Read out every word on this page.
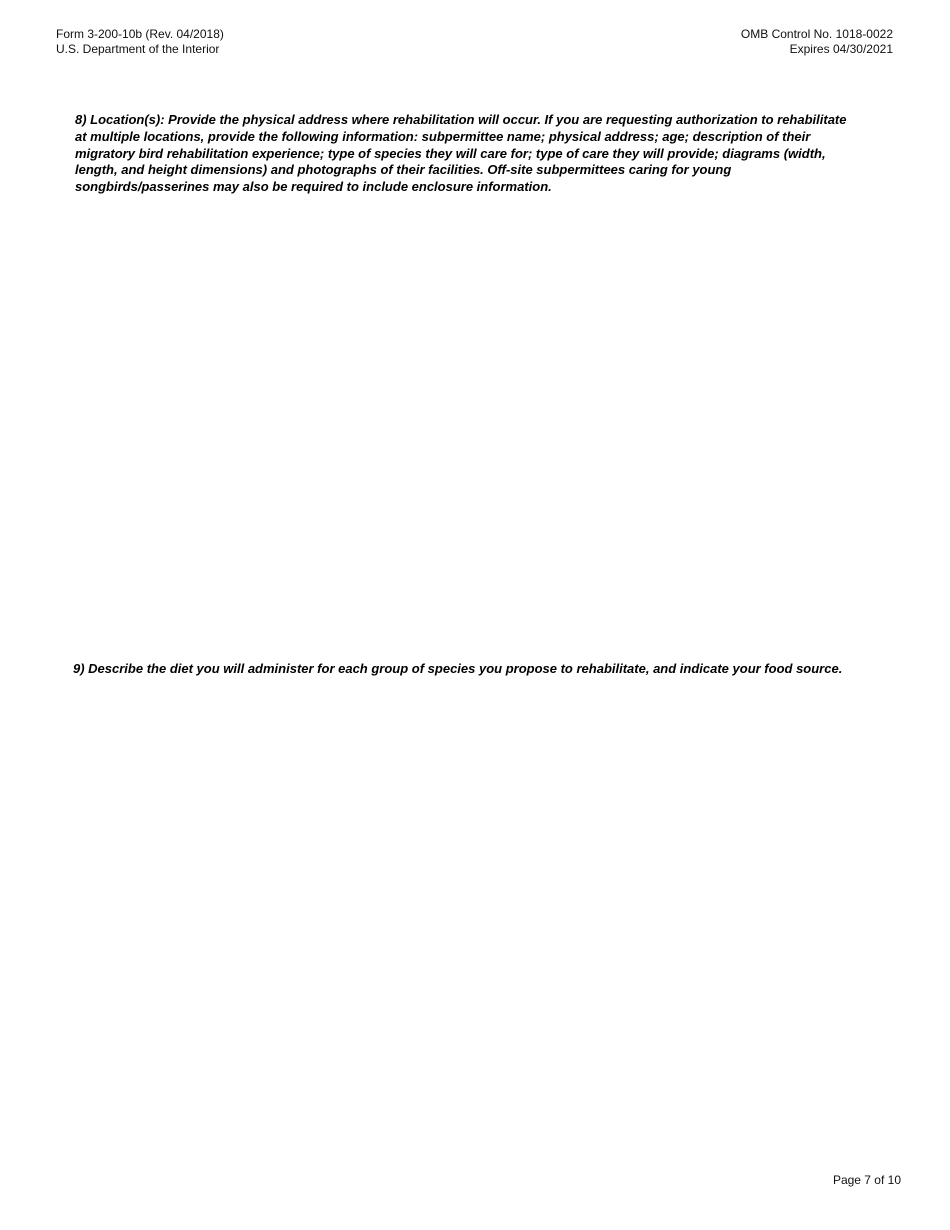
Form 3-200-10b (Rev. 04/2018)
U.S. Department of the Interior
OMB Control No. 1018-0022
Expires 04/30/2021
8) Location(s): Provide the physical address where rehabilitation will occur. If you are requesting authorization to rehabilitate at multiple locations, provide the following information: subpermittee name; physical address; age; description of their migratory bird rehabilitation experience; type of species they will care for; type of care they will provide; diagrams (width, length, and height dimensions) and photographs of their facilities. Off-site subpermittees caring for young songbirds/passerines may also be required to include enclosure information.
9) Describe the diet you will administer for each group of species you propose to rehabilitate, and indicate your food source.
Page 7 of 10
